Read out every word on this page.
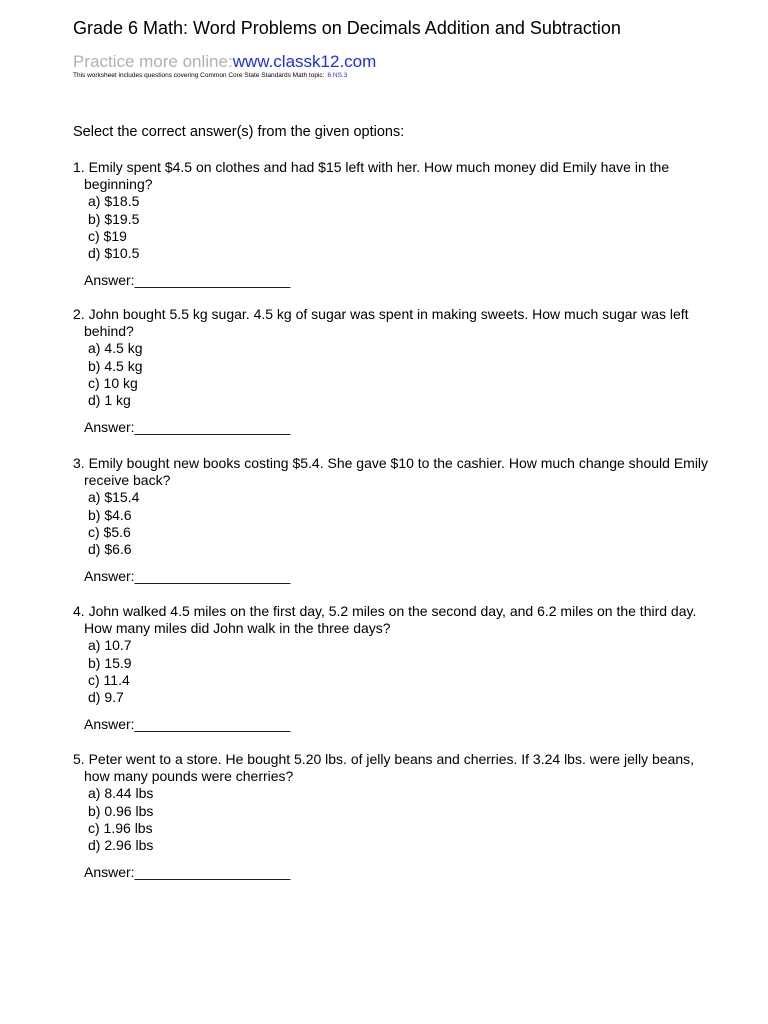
Grade 6 Math: Word Problems on Decimals Addition and Subtraction
Practice more online:www.classk12.com
This worksheet includes questions covering Common Core State Standards Math topic: 6.NS.3
Select the correct answer(s) from the given options:
1. Emily spent $4.5 on clothes and had $15 left with her. How much money did Emily have in the beginning?
a) $18.5
b) $19.5
c) $19
d) $10.5
Answer:____________________
2. John bought 5.5 kg sugar. 4.5 kg of sugar was spent in making sweets. How much sugar was left behind?
a) 4.5 kg
b) 4.5 kg
c) 10 kg
d) 1 kg
Answer:____________________
3. Emily bought new books costing $5.4. She gave $10 to the cashier. How much change should Emily receive back?
a) $15.4
b) $4.6
c) $5.6
d) $6.6
Answer:____________________
4. John walked 4.5 miles on the first day, 5.2 miles on the second day, and 6.2 miles on the third day. How many miles did John walk in the three days?
a) 10.7
b) 15.9
c) 11.4
d) 9.7
Answer:____________________
5. Peter went to a store. He bought 5.20 lbs. of jelly beans and cherries. If 3.24 lbs. were jelly beans, how many pounds were cherries?
a) 8.44 lbs
b) 0.96 lbs
c) 1.96 lbs
d) 2.96 lbs
Answer:____________________
